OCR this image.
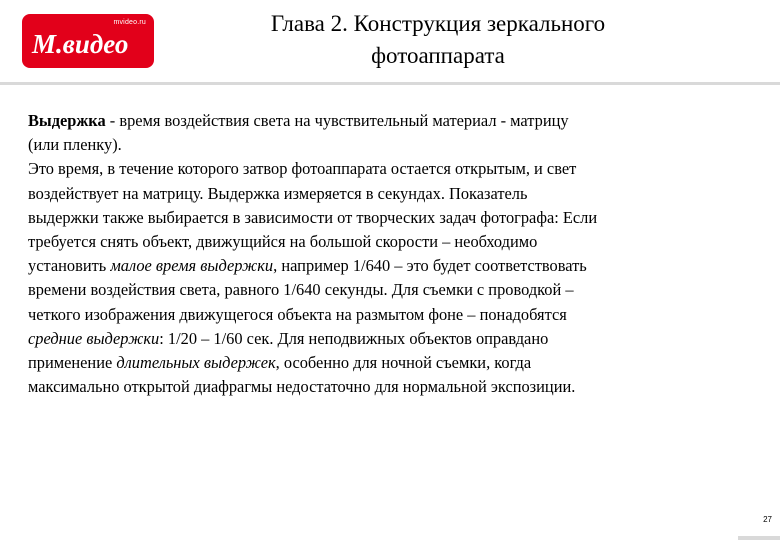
mvideo.ru
М.видео
Глава 2. Конструкция зеркального
фотоаппарата

Выдержка - время воздействия света на чувствительный материал - матрицу
(или пленку).

Это время, в течение которого затвор фотоаппарата остается открытым, и свет
воздействует на матрицу. Выдержка измеряется в секундах. Показатель
выдержки также выбирается в зависимости от творческих задач фотографа: Если
требуется снять объект, движущийся на большой скорости – необходимо
установить малое время выдержки, например 1/640 – это будет соответствовать
времени воздействия света, равного 1/640 секунды. Для съемки с проводкой –
четкого изображения движущегося объекта на размытом фоне – понадобятся
средние выдержки: 1/20 – 1/60 сек. Для неподвижных объектов оправдано
применение длительных выдержек, особенно для ночной съемки, когда
максимально открытой диафрагмы недостаточно для нормальной экспозиции.

27
